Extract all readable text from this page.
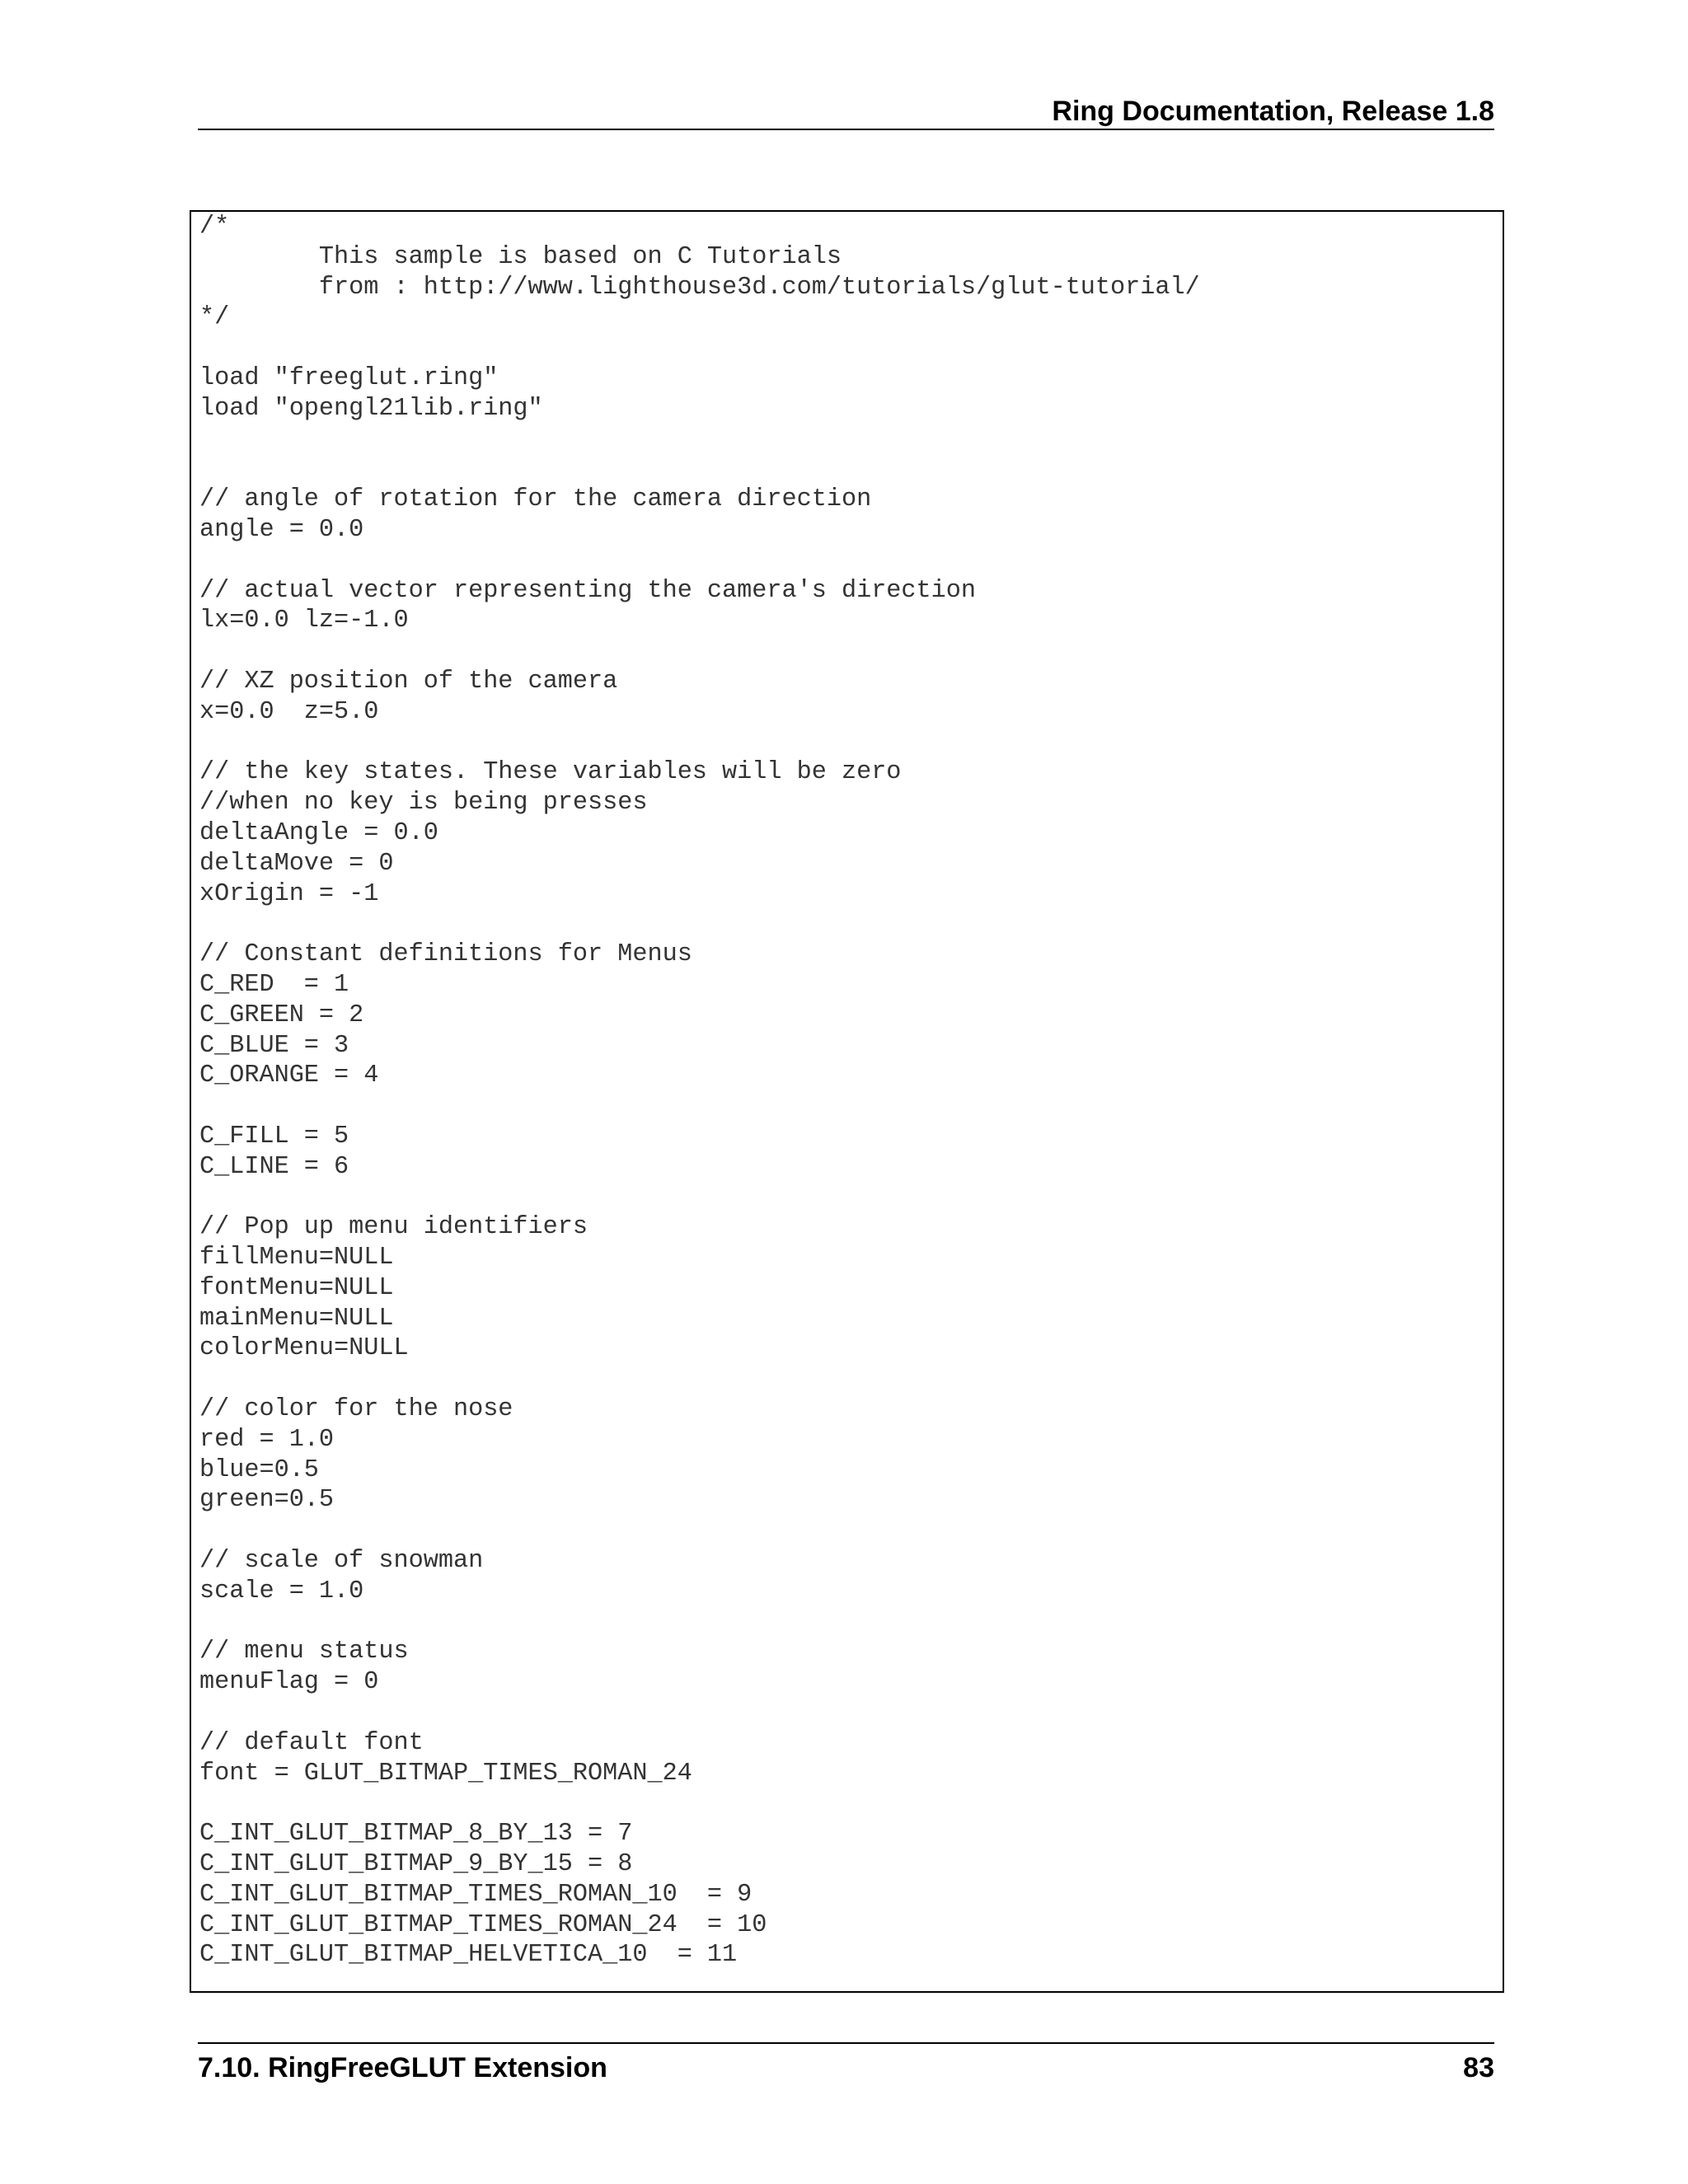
Ring Documentation, Release 1.8
/*
This sample is based on C Tutorials
from : http://www.lighthouse3d.com/tutorials/glut-tutorial/
*/

load "freeglut.ring"
load "opengl21lib.ring"

// angle of rotation for the camera direction
angle = 0.0

// actual vector representing the camera's direction
lx=0.0 lz=-1.0

// XZ position of the camera
x=0.0  z=5.0

// the key states. These variables will be zero
//when no key is being presses
deltaAngle = 0.0
deltaMove = 0
xOrigin = -1

// Constant definitions for Menus
C_RED  = 1
C_GREEN = 2
C_BLUE = 3
C_ORANGE = 4

C_FILL = 5
C_LINE = 6

// Pop up menu identifiers
fillMenu=NULL
fontMenu=NULL
mainMenu=NULL
colorMenu=NULL

// color for the nose
red = 1.0
blue=0.5
green=0.5

// scale of snowman
scale = 1.0

// menu status
menuFlag = 0

// default font
font = GLUT_BITMAP_TIMES_ROMAN_24

C_INT_GLUT_BITMAP_8_BY_13 = 7
C_INT_GLUT_BITMAP_9_BY_15 = 8
C_INT_GLUT_BITMAP_TIMES_ROMAN_10  = 9
C_INT_GLUT_BITMAP_TIMES_ROMAN_24  = 10
C_INT_GLUT_BITMAP_HELVETICA_10  = 11

7.10. RingFreeGLUT Extension	83
